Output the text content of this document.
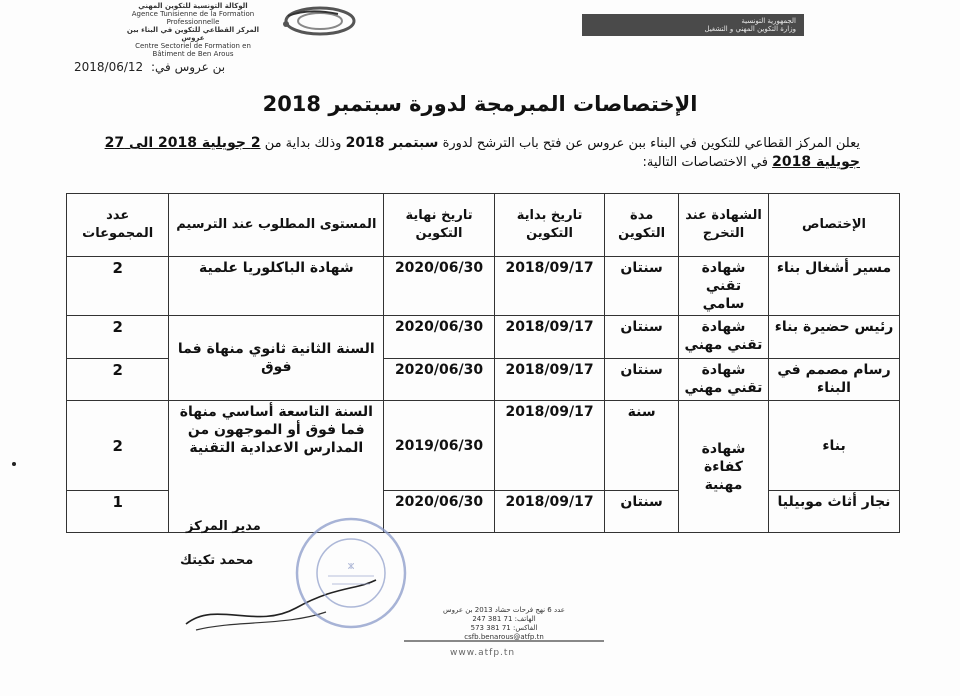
الجمهورية التونسية
وزارة التكوين المهني و التشغيل
الوكالة التونسية للتكوين المهني
Agence Tunisienne de la Formation Professionnelle
المركز القطاعي للتكوين في البناء ببن عروس
Centre Sectoriel de Formation en Bâtiment de Ben Arous
بن عروس في: 2018/06/12
الإختصاصات المبرمجة لدورة سبتمبر 2018
يعلن المركز القطاعي للتكوين في البناء ببن عروس عن فتح باب الترشح لدورة سبتمبر 2018 وذلك بداية من 2 جويلية 2018 الى 27 جويلية 2018 في الاختصاصات التالية:
الإختصاص	الشهادة عند التخرج	مدة التكوين	تاريخ بداية التكوين	تاريخ نهاية التكوين	المستوى المطلوب عند الترسيم	عدد المجموعات
مسير أشغال بناء	شهادة تقني سامي	سنتان	2018/09/17	2020/06/30	شهادة الباكلوريا علمية	2
رئيس حضيرة بناء	شهادة تقني مهني	سنتان	2018/09/17	2020/06/30	السنة الثانية ثانوي منهاة فما فوق	2
رسام مصمم في البناء	شهادة تقني مهني	سنتان	2018/09/17	2020/06/30		2
بناء	شهادة كفاءة مهنية	سنة	2018/09/17	2019/06/30	السنة التاسعة أساسي منهاة فما فوق أو الموجهون من المدارس الاعدادية التقنية	2
نجار أثاث موبيليا		سنتان	2018/09/17	2020/06/30		1
مدير المركز
محمد تكيتك	ⵣ
عدد 6 نهج فرحات حشاد 2013 بن عروس
الهاتف: 71 381 247
الفاكس: 71 381 573
csfb.benarous@atfp.tn
www.atfp.tn
